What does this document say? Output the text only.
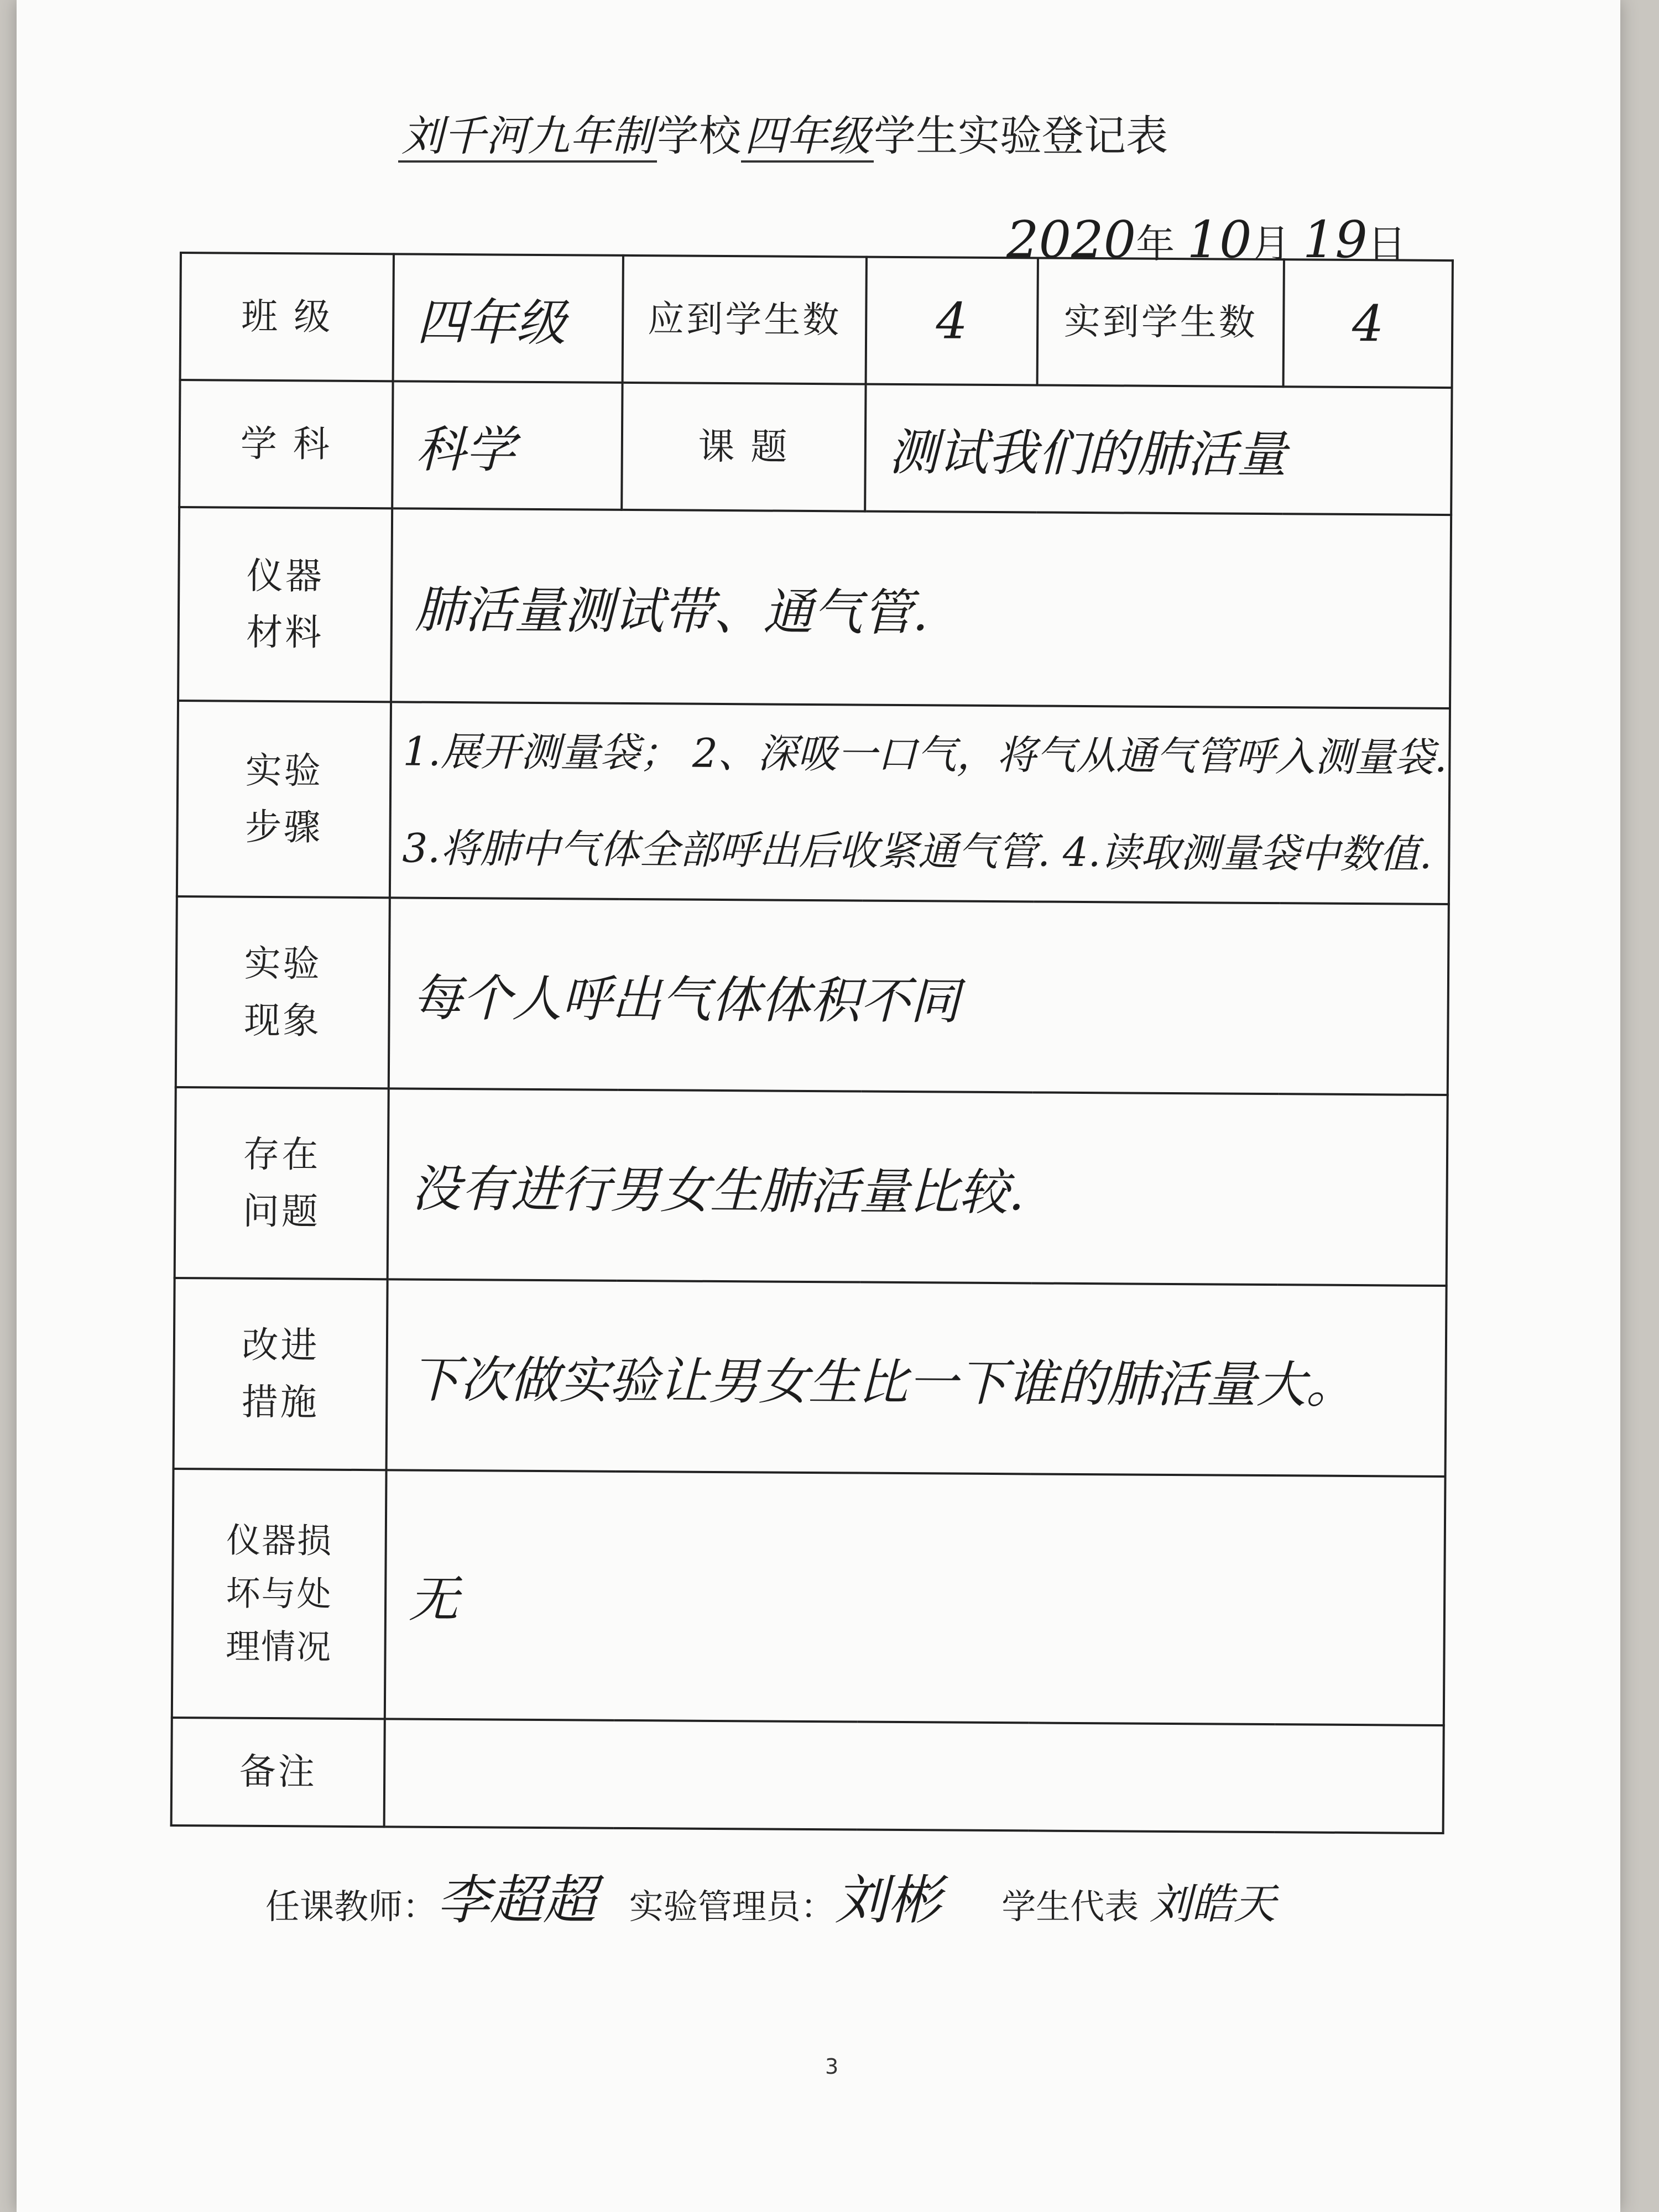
刘千河九年制学校四年级学生实验登记表
2020年 10月 19日
班 级	四年级	应到学生数	4	实到学生数	4
学 科	科学	课 题	测试我们的肺活量		
仪器材料	肺活量测试带、通气管.				
实验步骤	1.展开测量袋； 2、深吸一口气，将气从通气管呼入测量袋.
3.将肺中气体全部呼出后收紧通气管. 4.读取测量袋中数值.				

实验现象	每个人呼出气体体积不同				
存在问题	没有进行男女生肺活量比较.				
改进措施	下次做实验让男女生比一下谁的肺活量大。				
仪器损坏与处理情况	无				
备注					
任课教师：李超超 实验管理员：刘彬 学生代表 刘皓天
3
